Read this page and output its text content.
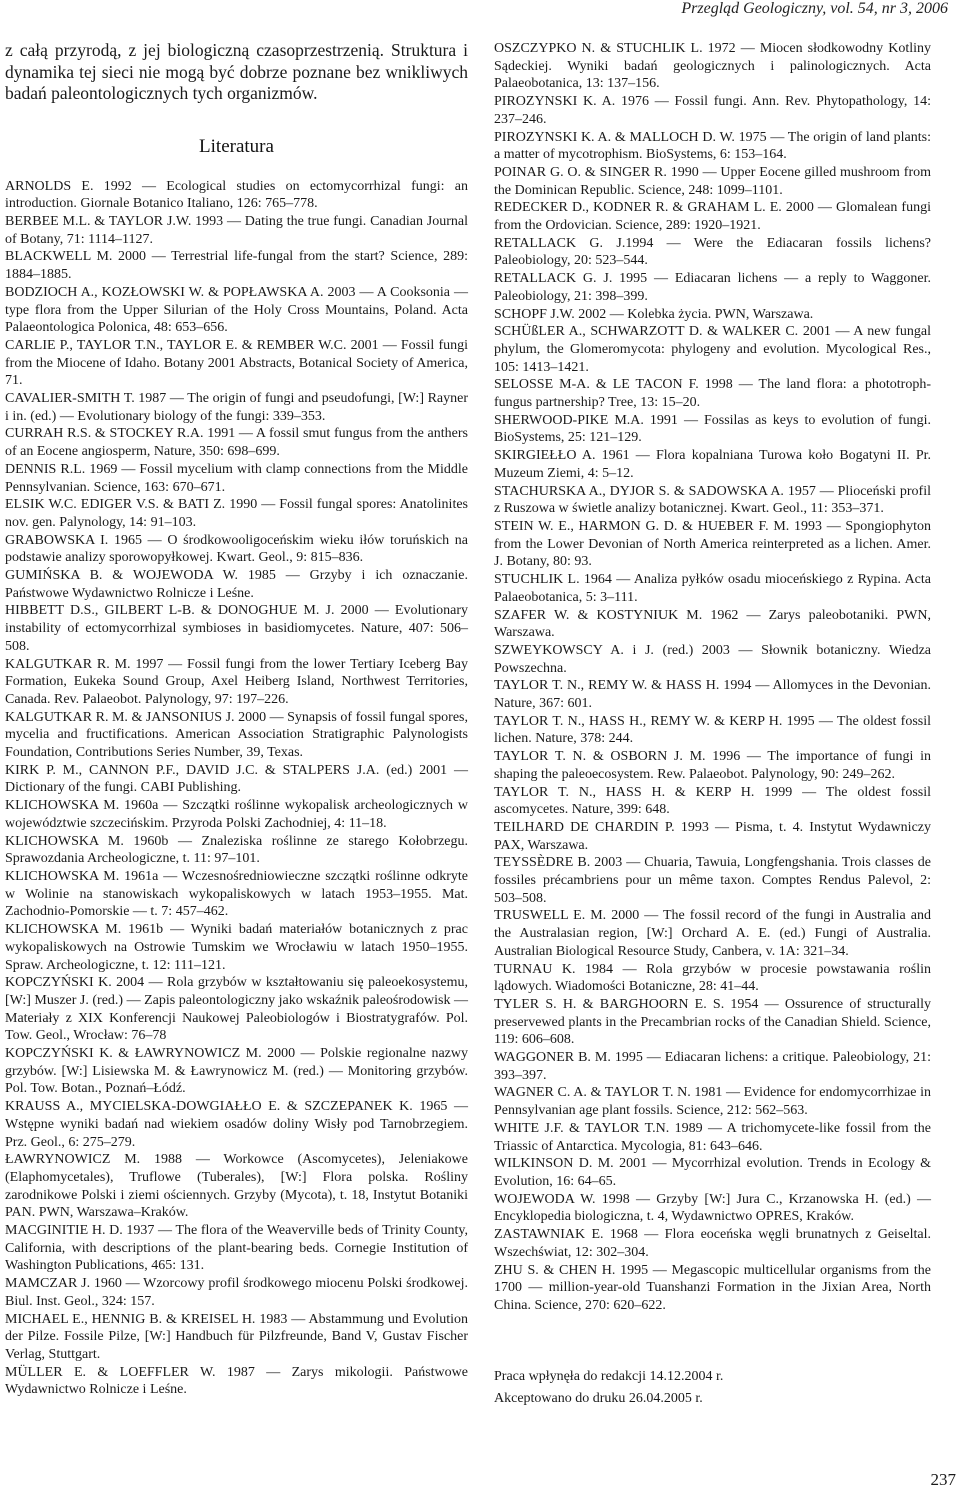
Przegląd Geologiczny, vol. 54, nr 3, 2006

z całą przyrodą, z jej biologiczną czasoprzestrzenią. Struktura i dynamika tej sieci nie mogą być dobrze poznane bez wnikliwych badań paleontologicznych tych organizmów.

Literatura

ARNOLDS E. 1992 — Ecological studies on ectomycorrhizal fungi: an introduction. Giornale Botanico Italiano, 126: 765–778.

BERBEE M.L. & TAYLOR J.W. 1993 — Dating the true fungi. Canadian Journal of Botany, 71: 1114–1127.

BLACKWELL M. 2000 — Terrestrial life-fungal from the start? Science, 289: 1884–1885.

BODZIOCH A., KOZŁOWSKI W. & POPŁAWSKA A. 2003 — A Cooksonia — type flora from the Upper Silurian of the Holy Cross Mountains, Poland. Acta Palaeontologica Polonica, 48: 653–656.

CARLIE P., TAYLOR T.N., TAYLOR E. & REMBER W.C. 2001 — Fossil fungi from the Miocene of Idaho. Botany 2001 Abstracts, Botanical Society of America, 71.

CAVALIER-SMITH T. 1987 — The origin of fungi and pseudofungi, [W:] Rayner i in. (ed.) — Evolutionary biology of the fungi: 339–353.

CURRAH R.S. & STOCKEY R.A. 1991 — A fossil smut fungus from the anthers of an Eocene angiosperm, Nature, 350: 698–699.

DENNIS R.L. 1969 — Fossil mycelium with clamp connections from the Middle Pennsylvanian. Science, 163: 670–671.

ELSIK W.C. EDIGER V.S. & BATI Z. 1990 — Fossil fungal spores: Anatolinites nov. gen. Palynology, 14: 91–103.

GRABOWSKA I. 1965 — O środkowooligoceńskim wieku iłów toruńskich na podstawie analizy sporowopyłkowej. Kwart. Geol., 9: 815–836.

GUMIŃSKA B. & WOJEWODA W. 1985 — Grzyby i ich oznaczanie. Państwowe Wydawnictwo Rolnicze i Leśne.

HIBBETT D.S., GILBERT L-B. & DONOGHUE M. J. 2000 — Evolutionary instability of ectomycorrhizal symbioses in basidiomycetes. Nature, 407: 506–508.

KALGUTKAR R. M. 1997 — Fossil fungi from the lower Tertiary Iceberg Bay Formation, Eukeka Sound Group, Axel Heiberg Island, Northwest Territories, Canada. Rev. Palaeobot. Palynology, 97: 197–226.

KALGUTKAR R. M. & JANSONIUS J. 2000 — Synapsis of fossil fungal spores, mycelia and fructifications. American Association Stratigraphic Palynologists Foundation, Contributions Series Number, 39, Texas.

KIRK P. M., CANNON P.F., DAVID J.C. & STALPERS J.A. (ed.) 2001 — Dictionary of the fungi. CABI Publishing.

KLICHOWSKA M. 1960a — Szczątki roślinne wykopalisk archeologicznych w województwie szczecińskim. Przyroda Polski Zachodniej, 4: 11–18.

KLICHOWSKA M. 1960b — Znaleziska roślinne ze starego Kołobrzegu. Sprawozdania Archeologiczne, t. 11: 97–101.

KLICHOWSKA M. 1961a — Wczesnośredniowieczne szczątki roślinne odkryte w Wolinie na stanowiskach wykopaliskowych w latach 1953–1955. Mat. Zachodnio-Pomorskie — t. 7: 457–462.

KLICHOWSKA M. 1961b — Wyniki badań materiałów botanicznych z prac wykopaliskowych na Ostrowie Tumskim we Wrocławiu w latach 1950–1955. Spraw. Archeologiczne, t. 12: 111–121.

KOPCZYŃSKI K. 2004 — Rola grzybów w kształtowaniu się paleoekosystemu, [W:] Muszer J. (red.) — Zapis paleontologiczny jako wskaźnik paleośrodowisk — Materiały z XIX Konferencji Naukowej Paleobiologów i Biostratygrafów. Pol. Tow. Geol., Wrocław: 76–78

KOPCZYŃSKI K. & ŁAWRYNOWICZ M. 2000 — Polskie regionalne nazwy grzybów. [W:] Lisiewska M. & Ławrynowicz M. (red.) — Monitoring grzybów. Pol. Tow. Botan., Poznań–Łódź.

KRAUSS A., MYCIELSKA-DOWGIAŁŁO E. & SZCZEPANEK K. 1965 — Wstępne wyniki badań nad wiekiem osadów doliny Wisły pod Tarnobrzegiem. Prz. Geol., 6: 275–279.

ŁAWRYNOWICZ M. 1988 — Workowce (Ascomycetes), Jeleniakowe (Elaphomycetales), Truflowe (Tuberales), [W:] Flora polska. Rośliny zarodnikowe Polski i ziemi ościennych. Grzyby (Mycota), t. 18, Instytut Botaniki PAN. PWN, Warszawa–Kraków.

MACGINITIE H. D. 1937 — The flora of the Weaverville beds of Trinity County, California, with descriptions of the plant-bearing beds. Cornegie Institution of Washington Publications, 465: 131.

MAMCZAR J. 1960 — Wzorcowy profil środkowego miocenu Polski środkowej. Biul. Inst. Geol., 324: 157.

MICHAEL E., HENNIG B. & KREISEL H. 1983 — Abstammung und Evolution der Pilze. Fossile Pilze, [W:] Handbuch für Pilzfreunde, Band V, Gustav Fischer Verlag, Stuttgart.

MÜLLER E. & LOEFFLER W. 1987 — Zarys mikologii. Państwowe Wydawnictwo Rolnicze i Leśne.

OSZCZYPKO N. & STUCHLIK L. 1972 — Miocen słodkowodny Kotliny Sądeckiej. Wyniki badań geologicznych i palinologicznych. Acta Palaeobotanica, 13: 137–156.

PIROZYNSKI K. A. 1976 — Fossil fungi. Ann. Rev. Phytopathology, 14: 237–246.

PIROZYNSKI K. A. & MALLOCH D. W. 1975 — The origin of land plants: a matter of mycotrophism. BioSystems, 6: 153–164.

POINAR G. O. & SINGER R. 1990 — Upper Eocene gilled mushroom from the Dominican Republic. Science, 248: 1099–1101.

REDECKER D., KODNER R. & GRAHAM L. E. 2000 — Glomalean fungi from the Ordovician. Science, 289: 1920–1921.

RETALLACK G. J.1994 — Were the Ediacaran fossils lichens? Paleobiology, 20: 523–544.

RETALLACK G. J. 1995 — Ediacaran lichens — a reply to Waggoner. Paleobiology, 21: 398–399.

SCHOPF J.W. 2002 — Kolebka życia. PWN, Warszawa.

SCHÜßLER A., SCHWARZOTT D. & WALKER C. 2001 — A new fungal phylum, the Glomeromycota: phylogeny and evolution. Mycological Res., 105: 1413–1421.

SELOSSE M-A. & LE TACON F. 1998 — The land flora: a phototroph-fungus partnership? Tree, 13: 15–20.

SHERWOOD-PIKE M.A. 1991 — Fossilas as keys to evolution of fungi. BioSystems, 25: 121–129.

SKIRGIEŁŁO A. 1961 — Flora kopalniana Turowa koło Bogatyni II. Pr. Muzeum Ziemi, 4: 5–12.

STACHURSKA A., DYJOR S. & SADOWSKA A. 1957 — Plioceński profil z Ruszowa w świetle analizy botanicznej. Kwart. Geol., 11: 353–371.

STEIN W. E., HARMON G. D. & HUEBER F. M. 1993 — Spongiophyton from the Lower Devonian of North America reinterpreted as a lichen. Amer. J. Botany, 80: 93.

STUCHLIK L. 1964 — Analiza pyłków osadu mioceńskiego z Rypina. Acta Palaeobotanica, 5: 3–111.

SZAFER W. & KOSTYNIUK M. 1962 — Zarys paleobotaniki. PWN, Warszawa.

SZWEYKOWSCY A. i J. (red.) 2003 — Słownik botaniczny. Wiedza Powszechna.

TAYLOR T. N., REMY W. & HASS H. 1994 — Allomyces in the Devonian. Nature, 367: 601.

TAYLOR T. N., HASS H., REMY W. & KERP H. 1995 — The oldest fossil lichen. Nature, 378: 244.

TAYLOR T. N. & OSBORN J. M. 1996 — The importance of fungi in shaping the paleoecosystem. Rew. Palaeobot. Palynology, 90: 249–262.

TAYLOR T. N., HASS H. & KERP H. 1999 — The oldest fossil ascomycetes. Nature, 399: 648.

TEILHARD DE CHARDIN P. 1993 — Pisma, t. 4. Instytut Wydawniczy PAX, Warszawa.

TEYSSÈDRE B. 2003 — Chuaria, Tawuia, Longfengshania. Trois classes de fossiles précambriens pour un même taxon. Comptes Rendus Palevol, 2: 503–508.

TRUSWELL E. M. 2000 — The fossil record of the fungi in Australia and the Australasian region, [W:] Orchard A. E. (ed.) Fungi of Australia. Australian Biological Resource Study, Canbera, v. 1A: 321–34.

TURNAU K. 1984 — Rola grzybów w procesie powstawania roślin lądowych. Wiadomości Botaniczne, 28: 41–44.

TYLER S. H. & BARGHOORN E. S. 1954 — Ossurence of structurally preservewed plants in the Precambrian rocks of the Canadian Shield. Science, 119: 606–608.

WAGGONER B. M. 1995 — Ediacaran lichens: a critique. Paleobiology, 21: 393–397.

WAGNER C. A. & TAYLOR T. N. 1981 — Evidence for endomycorrhizae in Pennsylvanian age plant fossils. Science, 212: 562–563.

WHITE J.F. & TAYLOR T.N. 1989 — A trichomycete-like fossil from the Triassic of Antarctica. Mycologia, 81: 643–646.

WILKINSON D. M. 2001 — Mycorrhizal evolution. Trends in Ecology & Evolution, 16: 64–65.

WOJEWODA W. 1998 — Grzyby [W:] Jura C., Krzanowska H. (ed.) — Encyklopedia biologiczna, t. 4, Wydawnictwo OPRES, Kraków.

ZASTAWNIAK E. 1968 — Flora eoceńska węgli brunatnych z Geiseltal. Wszechświat, 12: 302–304.

ZHU S. & CHEN H. 1995 — Megascopic multicellular organisms from the 1700 — million-year-old Tuanshanzi Formation in the Jixian Area, North China. Science, 270: 620–622.

Praca wpłynęła do redakcji 14.12.2004 r.

Akceptowano do druku 26.04.2005 r.

237
